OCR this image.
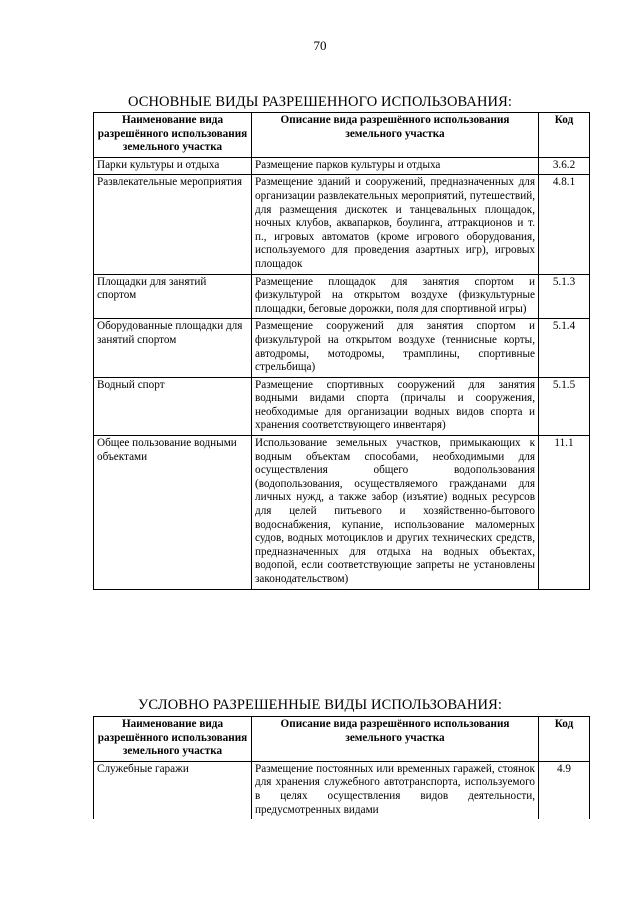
70
ОСНОВНЫЕ ВИДЫ РАЗРЕШЕННОГО ИСПОЛЬЗОВАНИЯ:
Наименование вида разрешённого использования земельного участка	Описание вида разрешённого использования земельного участка	Код
Парки культуры и отдыха	Размещение парков культуры и отдыха	3.6.2
Развлекательные мероприятия	Размещение зданий и сооружений, предназначенных для организации развлекательных мероприятий, путешествий, для размещения дискотек и танцевальных площадок, ночных клубов, аквапарков, боулинга, аттракционов и т. п., игровых автоматов (кроме игрового оборудования, используемого для проведения азартных игр), игровых площадок	4.8.1
Площадки для занятий спортом	Размещение площадок для занятия спортом и физкультурой на открытом воздухе (физкультурные площадки, беговые дорожки, поля для спортивной игры)	5.1.3
Оборудованные площадки для занятий спортом	Размещение сооружений для занятия спортом и физкультурой на открытом воздухе (теннисные корты, автодромы, мотодромы, трамплины, спортивные стрельбища)	5.1.4
Водный спорт	Размещение спортивных сооружений для занятия водными видами спорта (причалы и сооружения, необходимые для организации водных видов спорта и хранения соответствующего инвентаря)	5.1.5
Общее пользование водными объектами	Использование земельных участков, примыкающих к водным объектам способами, необходимыми для осуществления общего водопользования (водопользования, осуществляемого гражданами для личных нужд, а также забор (изъятие) водных ресурсов для целей питьевого и хозяйственно-бытового водоснабжения, купание, использование маломерных судов, водных мотоциклов и других технических средств, предназначенных для отдыха на водных объектах, водопой, если соответствующие запреты не установлены законодательством)	11.1
УСЛОВНО РАЗРЕШЕННЫЕ ВИДЫ ИСПОЛЬЗОВАНИЯ:
Наименование вида разрешённого использования земельного участка	Описание вида разрешённого использования земельного участка	Код
Служебные гаражи	Размещение постоянных или временных гаражей, стоянок для хранения служебного автотранспорта, используемого в целях осуществления видов деятельности, предусмотренных видами	4.9
